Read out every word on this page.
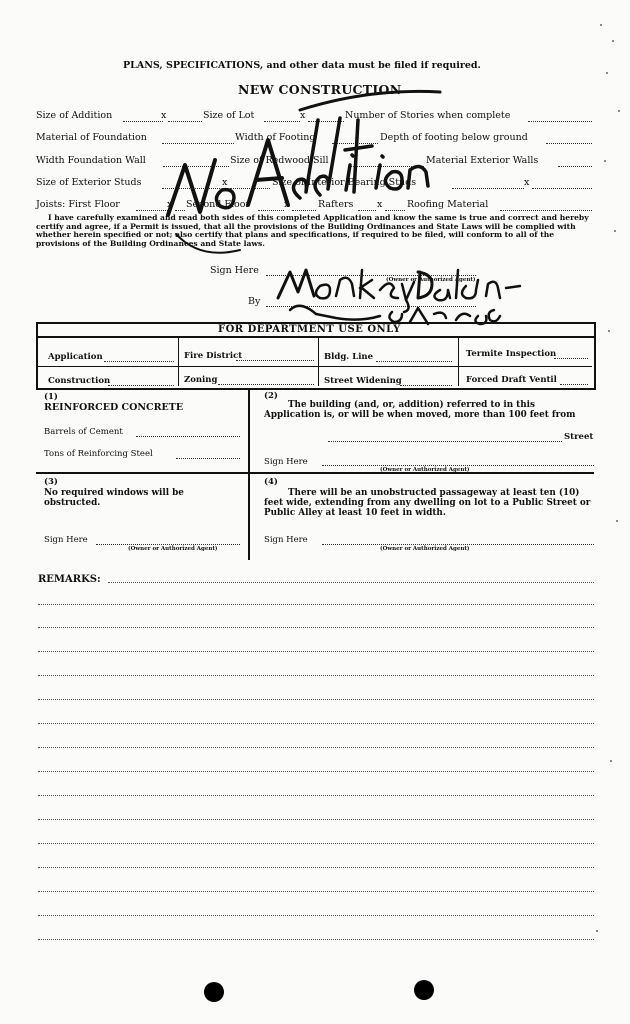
PLANS, SPECIFICATIONS, and other data must be filed if required.
NEW CONSTRUCTION
Size of Addition	x	Size of Lot	x	Number of Stories when complete
Material of Foundation	Width of Footing	Depth of footing below ground
Width Foundation Wall	Size of Redwood Sill	Material Exterior Walls
Size of Exterior Studs	x	Size of Interior Bearing Studs	x
Joists: First Floor	x Second Floor	x	Rafters x	Roofing Material
I have carefully examined and read both sides of this completed Application and know the same is true and correct and hereby certify and agree, if a Permit is issued, that all the provisions of the Building Ordinances and State Laws will be complied with whether herein specified or not; also certify that plans and specifications, if required to be filed, will conform to all of the provisions of the Building Ordinances and State laws.
Sign Here
(Owner or Authorized Agent)
By
FOR DEPARTMENT USE ONLY
Application	Fire District	Bldg. Line	Termite Inspection
Construction	Zoning	Street Widening	Forced Draft Ventil
(1)
REINFORCED CONCRETE
Barrels of Cement
Tons of Reinforcing Steel
(2)
The building (and, or, addition) referred to in this Application is, or will be when moved, more than 100 feet from
Street
Sign Here
(Owner or Authorized Agent)
(3)
No required windows will be obstructed.
Sign Here
(Owner or Authorized Agent)
(4)
There will be an unobstructed passageway at least ten (10) feet wide, extending from any dwelling on lot to a Public Street or Public Alley at least 10 feet in width.
Sign Here
(Owner or Authorized Agent)
REMARKS:
